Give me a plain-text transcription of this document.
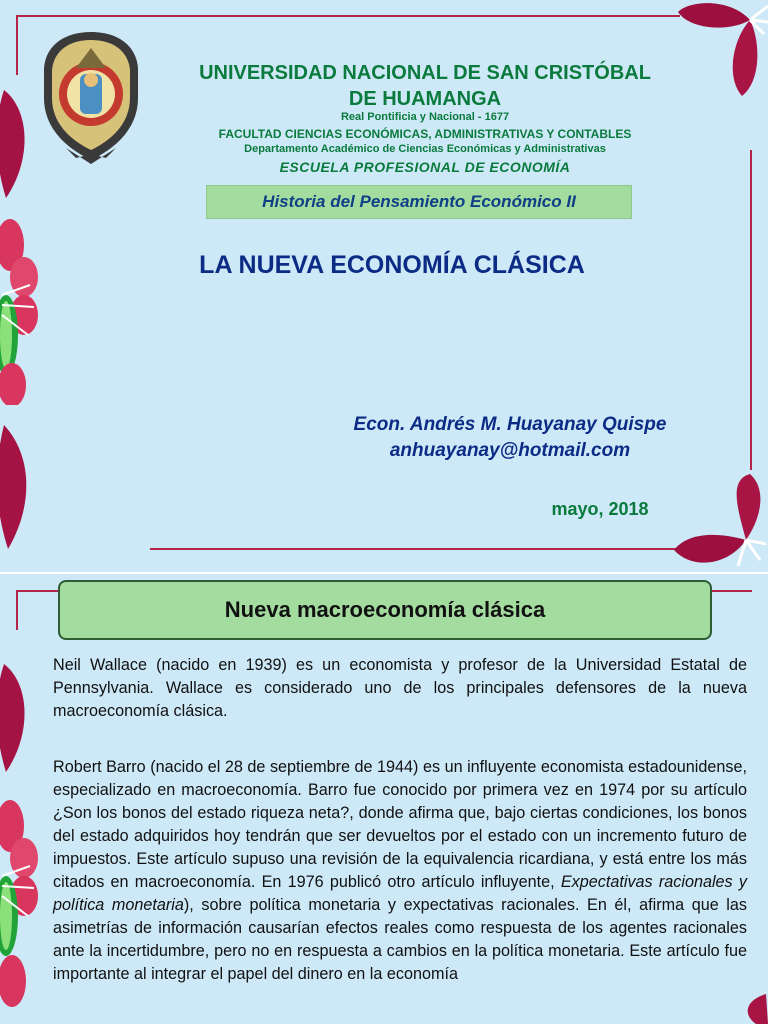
UNIVERSIDAD NACIONAL DE SAN CRISTÓBAL
DE HUAMANGA
Real Pontificia y Nacional - 1677
FACULTAD CIENCIAS ECONÓMICAS, ADMINISTRATIVAS Y CONTABLES
Departamento Académico de Ciencias Económicas y Administrativas
ESCUELA PROFESIONAL DE ECONOMÍA
Historia del Pensamiento Económico II
LA NUEVA ECONOMÍA CLÁSICA
Econ. Andrés M. Huayanay Quispe
anhuayanay@hotmail.com
mayo, 2018
Nueva macroeconomía clásica

Neil Wallace (nacido en 1939) es un economista y profesor de la Universidad Estatal de Pennsylvania. Wallace es considerado uno de los principales defensores de la nueva macroeconomía clásica.

Robert Barro (nacido el 28 de septiembre de 1944) es un influyente economista estadounidense, especializado en macroeconomía. Barro fue conocido por primera vez en 1974 por su artículo ¿Son los bonos del estado riqueza neta?, donde afirma que, bajo ciertas condiciones, los bonos del estado adquiridos hoy tendrán que ser devueltos por el estado con un incremento futuro de impuestos. Este artículo supuso una revisión de la equivalencia ricardiana, y está entre los más citados en macroeconomía. En 1976 publicó otro artículo influyente, Expectativas racionales y política monetaria), sobre política monetaria y expectativas racionales. En él, afirma que las asimetrías de información causarían efectos reales como respuesta de los agentes racionales ante la incertidumbre, pero no en respuesta a cambios en la política monetaria. Este artículo fue importante al integrar el papel del dinero en la economía
